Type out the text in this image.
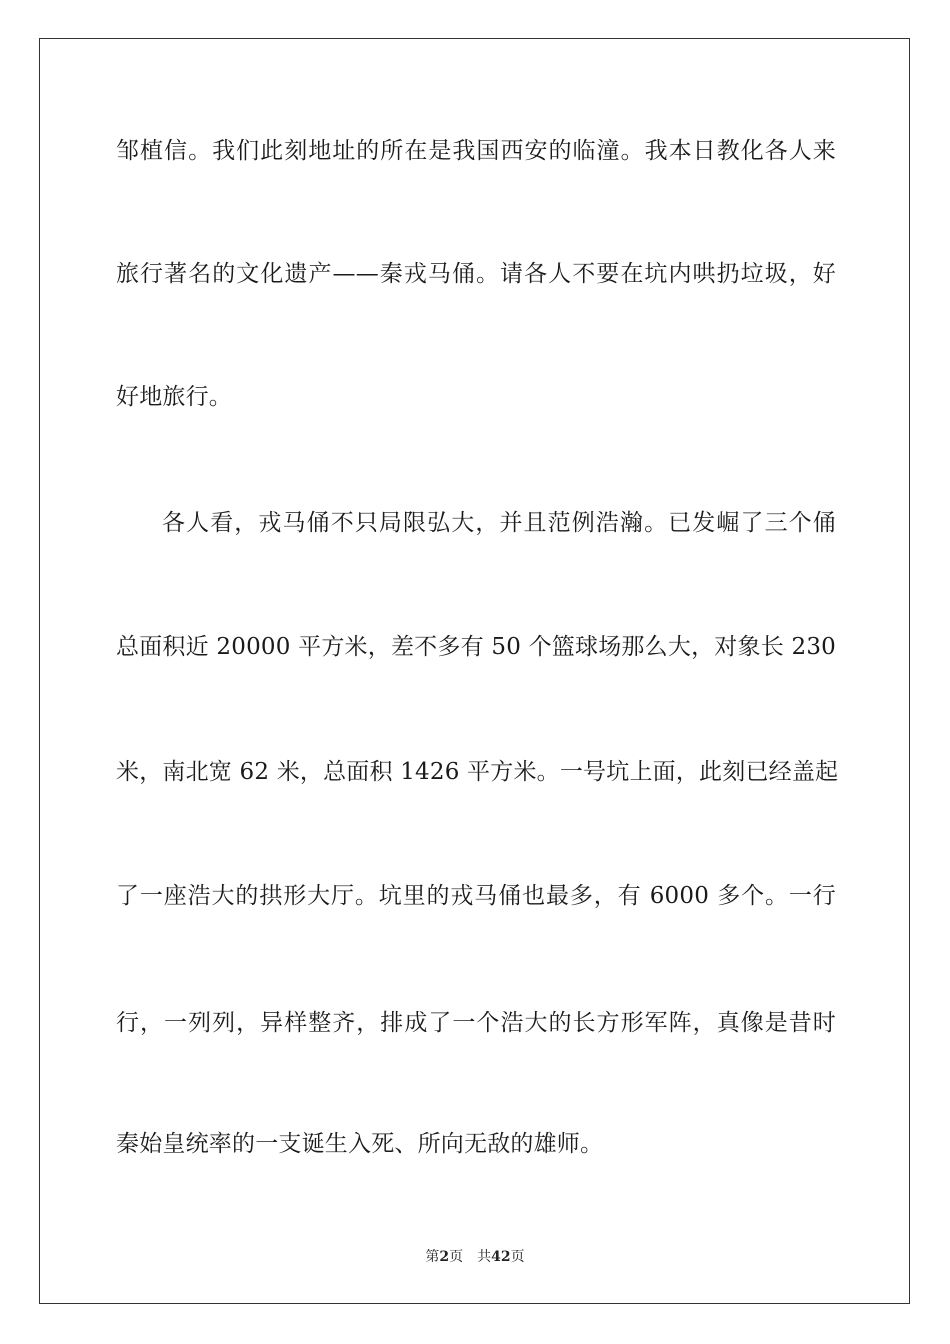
邹植信。我们此刻地址的所在是我国西安的临潼。我本日教化各人来
旅行著名的文化遗产——秦戎马俑。请各人不要在坑内哄扔垃圾，好
好地旅行。
各人看，戎马俑不只局限弘大，并且范例浩瀚。已发崛了三个俑
总面积近 20000 平方米，差不多有 50 个篮球场那么大，对象长 230
米，南北宽 62 米，总面积 1426 平方米。一号坑上面，此刻已经盖起
了一座浩大的拱形大厅。坑里的戎马俑也最多，有 6000 多个。一行
行，一列列，异样整齐，排成了一个浩大的长方形军阵，真像是昔时
秦始皇统率的一支诞生入死、所向无敌的雄师。
第2页 共42页
